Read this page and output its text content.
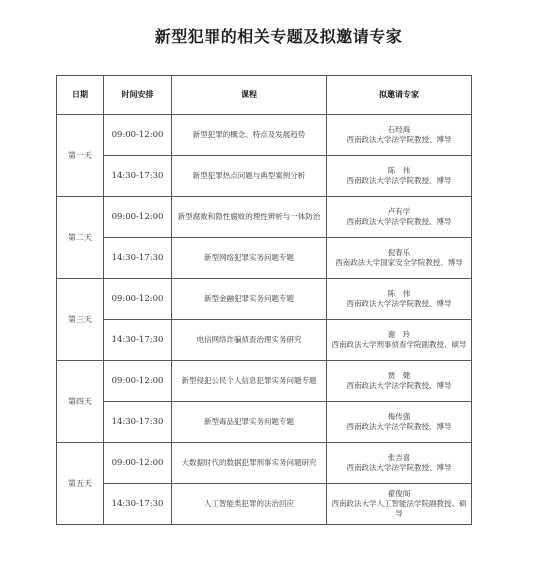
新型犯罪的相关专题及拟邀请专家
日期	时间安排	课程	拟邀请专家
第一天	09:00-12:00	新型犯罪的概念、特点及发展趋势	石经海
西南政法大学法学院教授、博导

	14:30-17:30	新型犯罪热点问题与典型案例分析	陈　伟
西南政法大学法学院教授、博导

第二天	09:00-12:00	新型腐败和隐性腐败的理性辨析与一体防治	卢有学
西南政法大学法学院教授、博导

	14:30-17:30	新型网络犯罪实务问题专题	倪春乐
西南政法大学国家安全学院教授、博导

第三天	09:00-12:00	新型金融犯罪实务问题专题	陈　伟
西南政法大学法学院教授、博导

	14:30-17:30	电信网络诈骗侦查治理实务研究	谢　玲
西南政法大学刑事侦查学院副教授、硕导

第四天	09:00-12:00	新型侵犯公民个人信息犯罪实务问题专题	贾　健
西南政法大学法学院教授、博导

	14:30-17:30	新型毒品犯罪实务问题专题	梅传强
西南政法大学法学院教授、博导

第五天	09:00-12:00	大数据时代的数据犯罪刑事实务问题研究	张吉喜
西南政法大学法学院教授、博导

	14:30-17:30	人工智能类犯罪的法治回应	翟俊阁
西南政法大学人工智能法学院副教授、硕导
